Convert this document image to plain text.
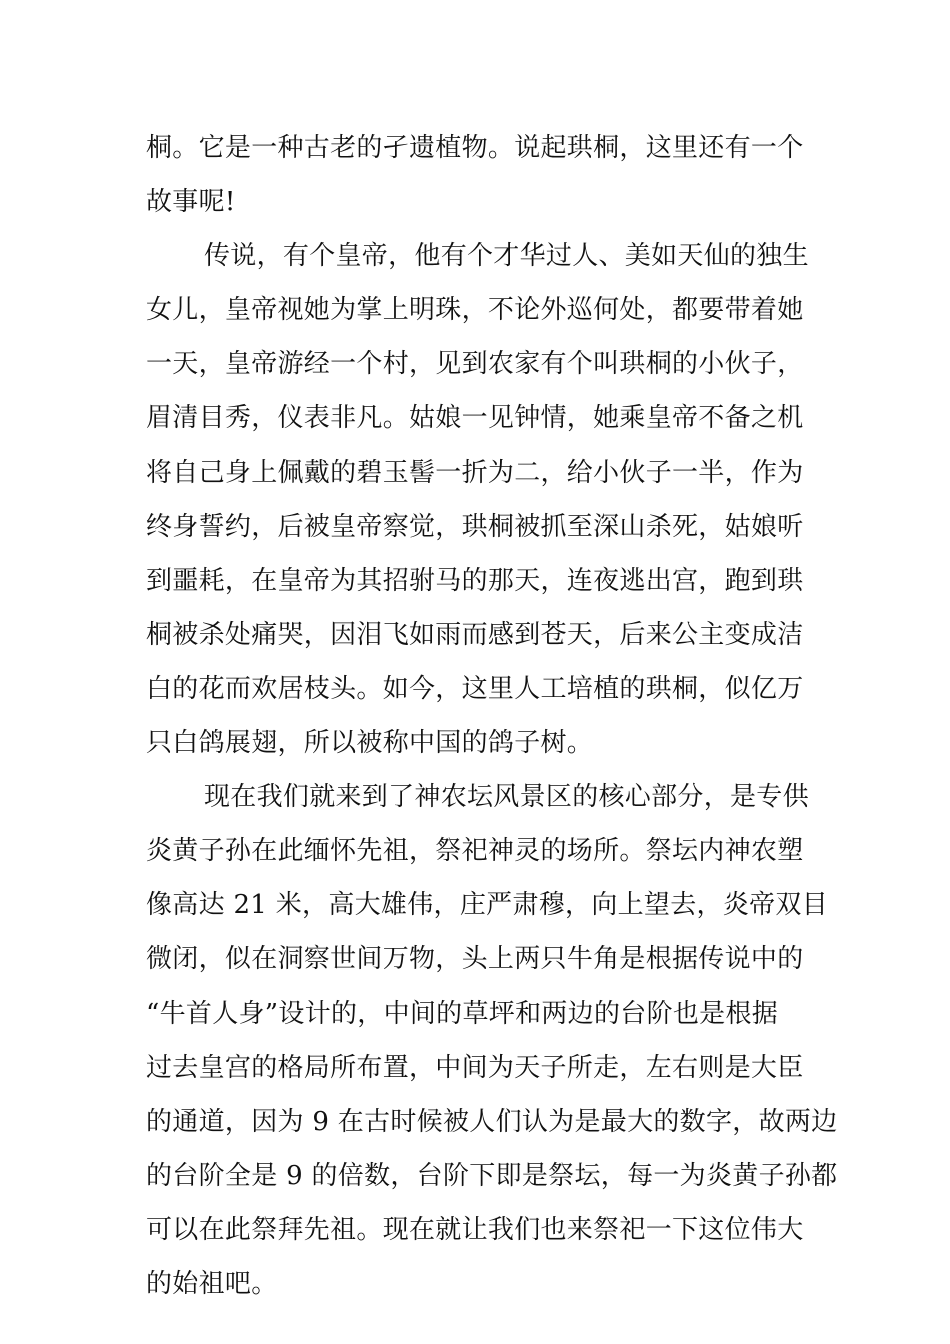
桐。它是一种古老的孑遗植物。说起珙桐，这里还有一个
故事呢!
传说，有个皇帝，他有个才华过人、美如天仙的独生
女儿，皇帝视她为掌上明珠，不论外巡何处，都要带着她
一天，皇帝游经一个村，见到农家有个叫珙桐的小伙子，
眉清目秀，仪表非凡。姑娘一见钟情，她乘皇帝不备之机
将自己身上佩戴的碧玉髻一折为二，给小伙子一半，作为
终身誓约，后被皇帝察觉，珙桐被抓至深山杀死，姑娘听
到噩耗，在皇帝为其招驸马的那天，连夜逃出宫，跑到珙
桐被杀处痛哭，因泪飞如雨而感到苍天，后来公主变成洁
白的花而欢居枝头。如今，这里人工培植的珙桐，似亿万
只白鸽展翅，所以被称中国的鸽子树。
现在我们就来到了神农坛风景区的核心部分，是专供
炎黄子孙在此缅怀先祖，祭祀神灵的场所。祭坛内神农塑
像高达 21 米，高大雄伟，庄严肃穆，向上望去，炎帝双目
微闭，似在洞察世间万物，头上两只牛角是根据传说中的
“牛首人身”设计的，中间的草坪和两边的台阶也是根据
过去皇宫的格局所布置，中间为天子所走，左右则是大臣
的通道，因为 9 在古时候被人们认为是最大的数字，故两边
的台阶全是 9 的倍数，台阶下即是祭坛，每一为炎黄子孙都
可以在此祭拜先祖。现在就让我们也来祭祀一下这位伟大
的始祖吧。
